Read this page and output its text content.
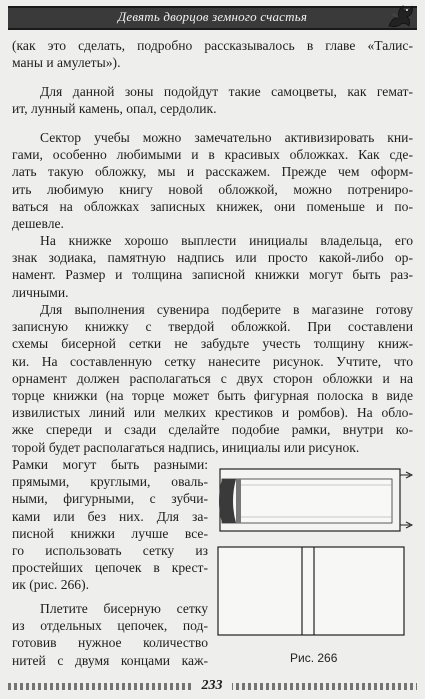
Девять дворцов земного счастья
(как это сделать, подробно рассказывалось в главе «Талис-
маны и амулеты»).
Для данной зоны подойдут такие самоцветы, как гемат-
ит, лунный камень, опал, сердолик.
Сектор учебы можно замечательно активизировать кни-
гами, особенно любимыми и в красивых обложках. Как сде-
лать такую обложку, мы и расскажем. Прежде чем оформ-
ить любимую книгу новой обложкой, можно потрениро-
ваться на обложках записных книжек, они поменьше и по-
дешевле.
На книжке хорошо выплести инициалы владельца, его
знак зодиака, памятную надпись или просто какой-либо ор-
намент. Размер и толщина записной книжки могут быть раз-
личными.
Для выполнения сувенира подберите в магазине готову
записную книжку с твердой обложкой. При составлени
схемы бисерной сетки не забудьте учесть толщину книж-
ки. На составленную сетку нанесите рисунок. Учтите, что
орнамент должен располагаться с двух сторон обложки и на
торце книжки (на торце может быть фигурная полоска в виде
извилистых линий или мелких крестиков и ромбов). На обло-
жке спереди и сзади сделайте подобие рамки, внутри ко-
торой будет располагаться надпись, инициалы или рисунок.
Рамки могут быть разными:
прямыми, круглыми, оваль-
ными, фигурными, с зубчи-
ками или без них. Для за-
писной книжки лучше все-
го использовать сетку из
простейших цепочек в крест-
ик (рис. 266).
Плетите бисерную сетку
из отдельных цепочек, под-
готовив нужное количество
нитей с двумя концами каж-	Рис. 266
233
